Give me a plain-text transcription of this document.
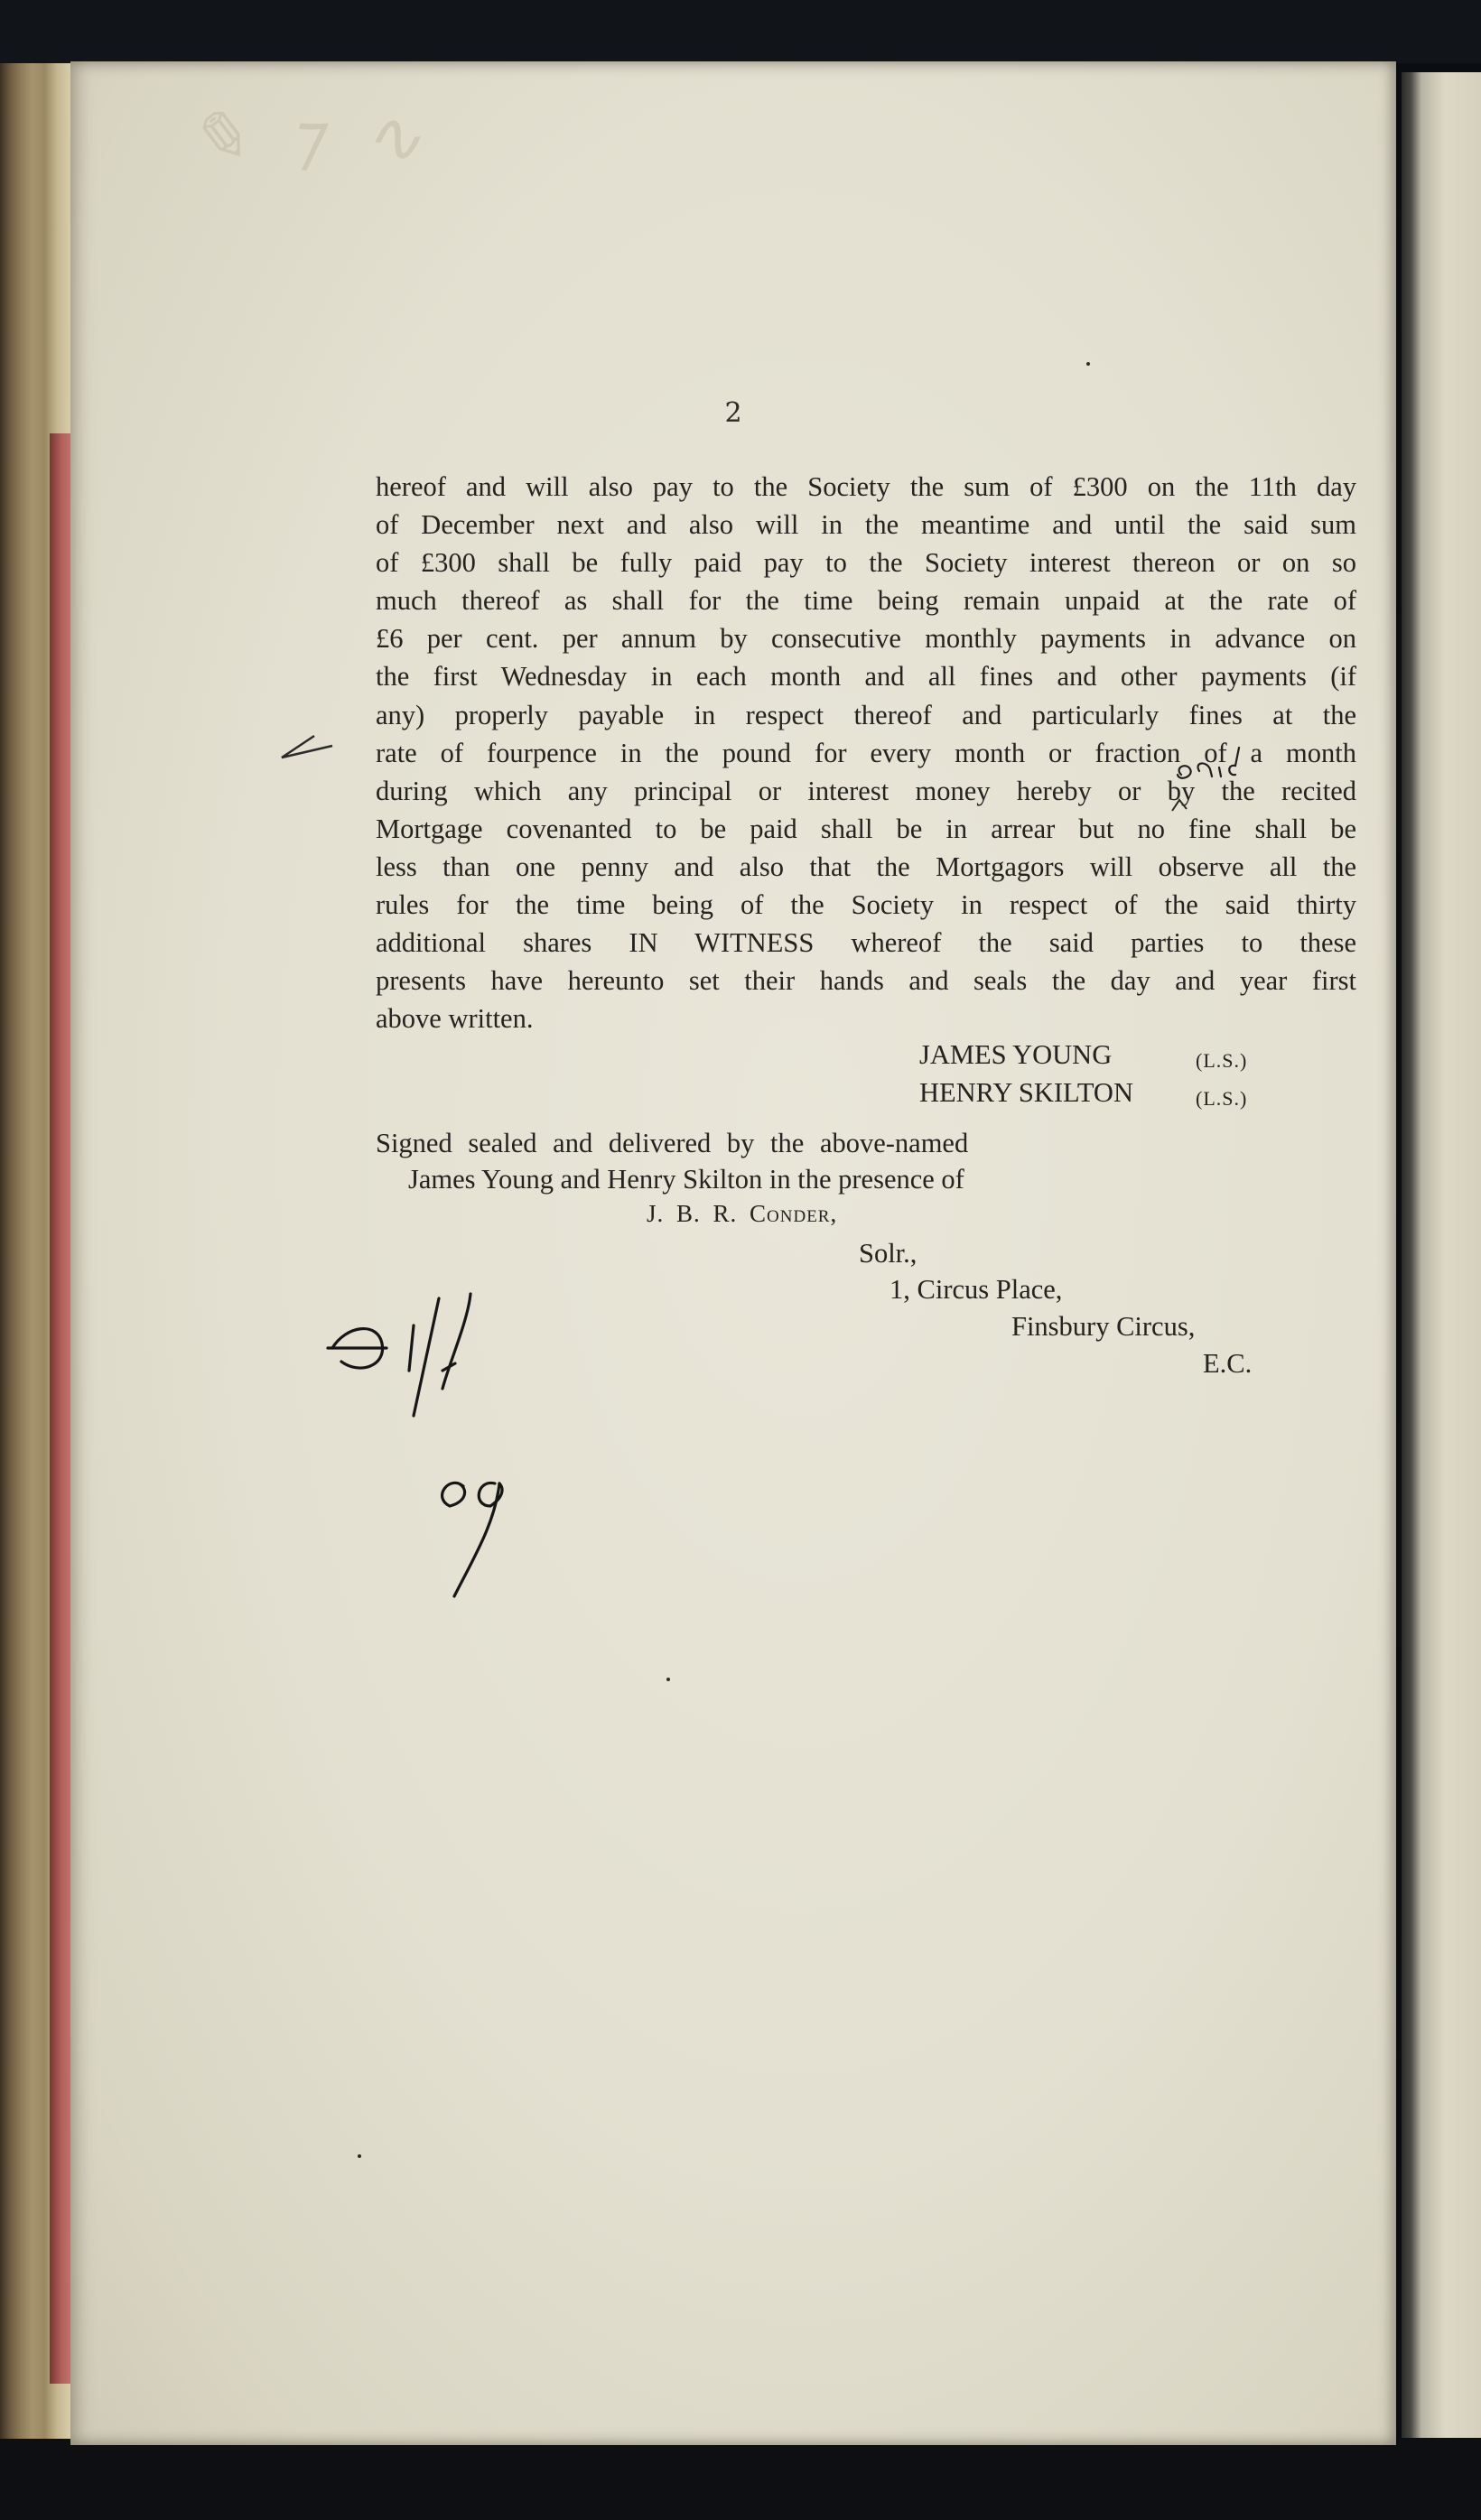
✎ ⁊ ∿
2
hereof and will also pay to the Society the sum of £300 on the 11th day
of December next and also will in the meantime and until the said sum
of £300 shall be fully paid pay to the Society interest thereon or on so
much thereof as shall for the time being remain unpaid at the rate of
£6 per cent. per annum by consecutive monthly payments in advance on
the first Wednesday in each month and all fines and other payments (if
any) properly payable in respect thereof and particularly fines at the
rate of fourpence in the pound for every month or fraction of a month
during which any principal or interest money hereby or by the recited
Mortgage covenanted to be paid shall be in arrear but no fine shall be
less than one penny and also that the Mortgagors will observe all the
rules for the time being of the Society in respect of the said thirty
additional shares IN WITNESS whereof the said parties to these
presents have hereunto set their hands and seals the day and year first
above written.
JAMES YOUNG	(L.S.)
HENRY SKILTON	(L.S.)
Signed sealed and delivered by the above-named
James Young and Henry Skilton in the presence of
J. B. R. Conder,
Solr.,
1, Circus Place,
Finsbury Circus,
E.C.
